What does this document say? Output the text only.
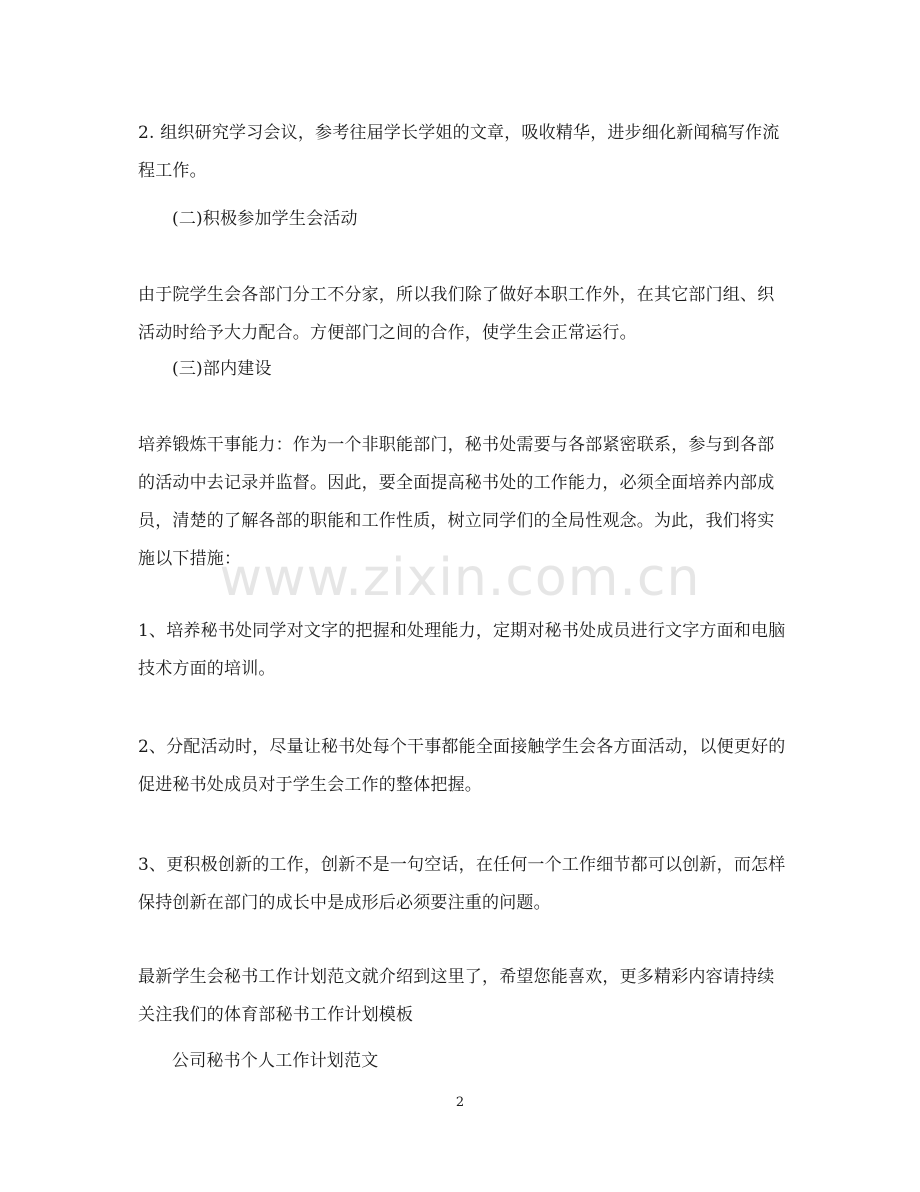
2. 组织研究学习会议，参考往届学长学姐的文章，吸收精华，进步细化新闻稿写作流程工作。

(二)积极参加学生会活动

由于院学生会各部门分工不分家，所以我们除了做好本职工作外，在其它部门组、织活动时给予大力配合。方便部门之间的合作，使学生会正常运行。

(三)部内建设

培养锻炼干事能力：作为一个非职能部门，秘书处需要与各部紧密联系，参与到各部的活动中去记录并监督。因此，要全面提高秘书处的工作能力，必须全面培养内部成员，清楚的了解各部的职能和工作性质，树立同学们的全局性观念。为此，我们将实施以下措施：

1、培养秘书处同学对文字的把握和处理能力，定期对秘书处成员进行文字方面和电脑技术方面的培训。

2、分配活动时，尽量让秘书处每个干事都能全面接触学生会各方面活动，以便更好的促进秘书处成员对于学生会工作的整体把握。

3、更积极创新的工作，创新不是一句空话，在任何一个工作细节都可以创新，而怎样保持创新在部门的成长中是成形后必须要注重的问题。

最新学生会秘书工作计划范文就介绍到这里了，希望您能喜欢，更多精彩内容请持续关注我们的体育部秘书工作计划模板

公司秘书个人工作计划范文

www.zixin.com.cn
2
